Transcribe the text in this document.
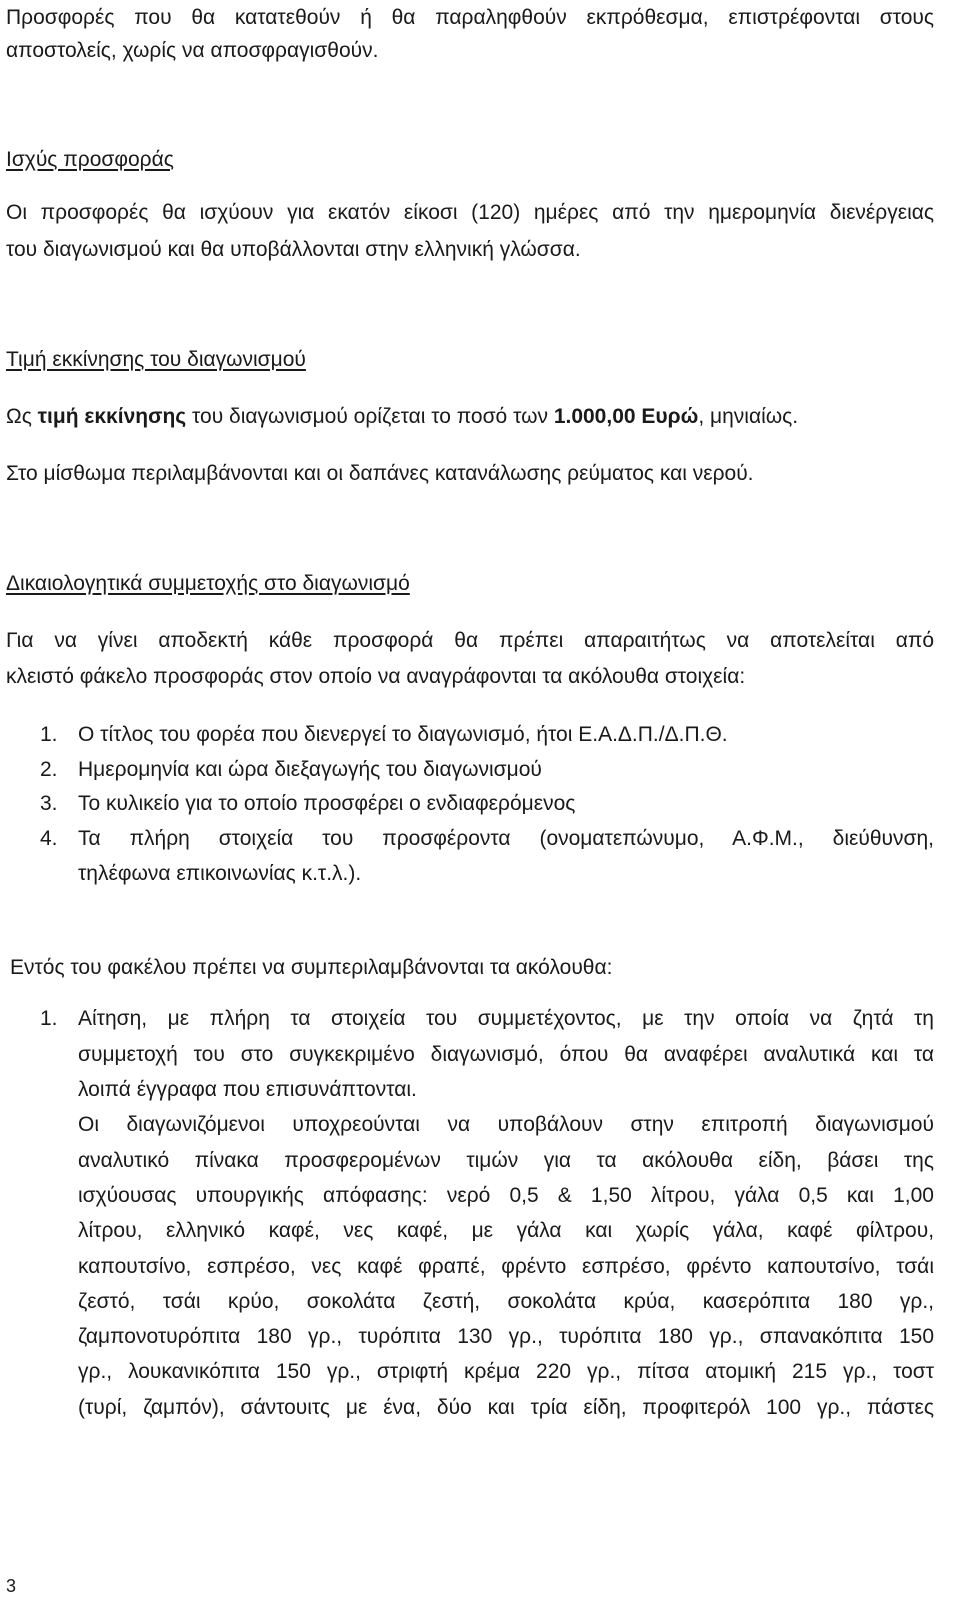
Προσφορές που θα κατατεθούν ή θα παραληφθούν εκπρόθεσμα, επιστρέφονται στους
αποστολείς, χωρίς να αποσφραγισθούν.
Ισχύς προσφοράς
Οι προσφορές θα ισχύουν για εκατόν είκοσι (120) ημέρες από την ημερομηνία διενέργειας
του διαγωνισμού και θα υποβάλλονται στην ελληνική γλώσσα.
Τιμή εκκίνησης του διαγωνισμού
Ως τιμή εκκίνησης του διαγωνισμού ορίζεται το ποσό των 1.000,00 Ευρώ, μηνιαίως.
Στο μίσθωμα περιλαμβάνονται και οι δαπάνες κατανάλωσης ρεύματος και νερού.
Δικαιολογητικά συμμετοχής στο διαγωνισμό
Για να γίνει αποδεκτή κάθε προσφορά θα πρέπει απαραιτήτως να αποτελείται από
κλειστό φάκελο προσφοράς στον οποίο να αναγράφονται τα ακόλουθα στοιχεία:
1. Ο τίτλος του φορέα που διενεργεί το διαγωνισμό, ήτοι Ε.Α.Δ.Π./Δ.Π.Θ.
2. Ημερομηνία και ώρα διεξαγωγής του διαγωνισμού
3. Το κυλικείο για το οποίο προσφέρει ο ενδιαφερόμενος
4. Τα πλήρη στοιχεία του προσφέροντα (ονοματεπώνυμο, Α.Φ.Μ., διεύθυνση,
τηλέφωνα επικοινωνίας κ.τ.λ.).
Εντός του φακέλου πρέπει να συμπεριλαμβάνονται τα ακόλουθα:
1. Αίτηση, με πλήρη τα στοιχεία του συμμετέχοντος, με την οποία να ζητά τη
συμμετοχή του στο συγκεκριμένο διαγωνισμό, όπου θα αναφέρει αναλυτικά και τα
λοιπά έγγραφα που επισυνάπτονται.
Οι διαγωνιζόμενοι υποχρεούνται να υποβάλουν στην επιτροπή διαγωνισμού
αναλυτικό πίνακα προσφερομένων τιμών για τα ακόλουθα είδη, βάσει της
ισχύουσας υπουργικής απόφασης: νερό 0,5 & 1,50 λίτρου, γάλα 0,5 και 1,00
λίτρου, ελληνικό καφέ, νες καφέ, με γάλα και χωρίς γάλα, καφέ φίλτρου,
καπουτσίνο, εσπρέσο, νες καφέ φραπέ, φρέντο εσπρέσο, φρέντο καπουτσίνο, τσάι
ζεστό, τσάι κρύο, σοκολάτα ζεστή, σοκολάτα κρύα, κασερόπιτα 180 γρ.,
ζαμπονοτυρόπιτα 180 γρ., τυρόπιτα 130 γρ., τυρόπιτα 180 γρ., σπανακόπιτα 150
γρ., λουκανικόπιτα 150 γρ., στριφτή κρέμα 220 γρ., πίτσα ατομική 215 γρ., τοστ
(τυρί, ζαμπόν), σάντουιτς με ένα, δύο και τρία είδη, προφιτερόλ 100 γρ., πάστες
3
